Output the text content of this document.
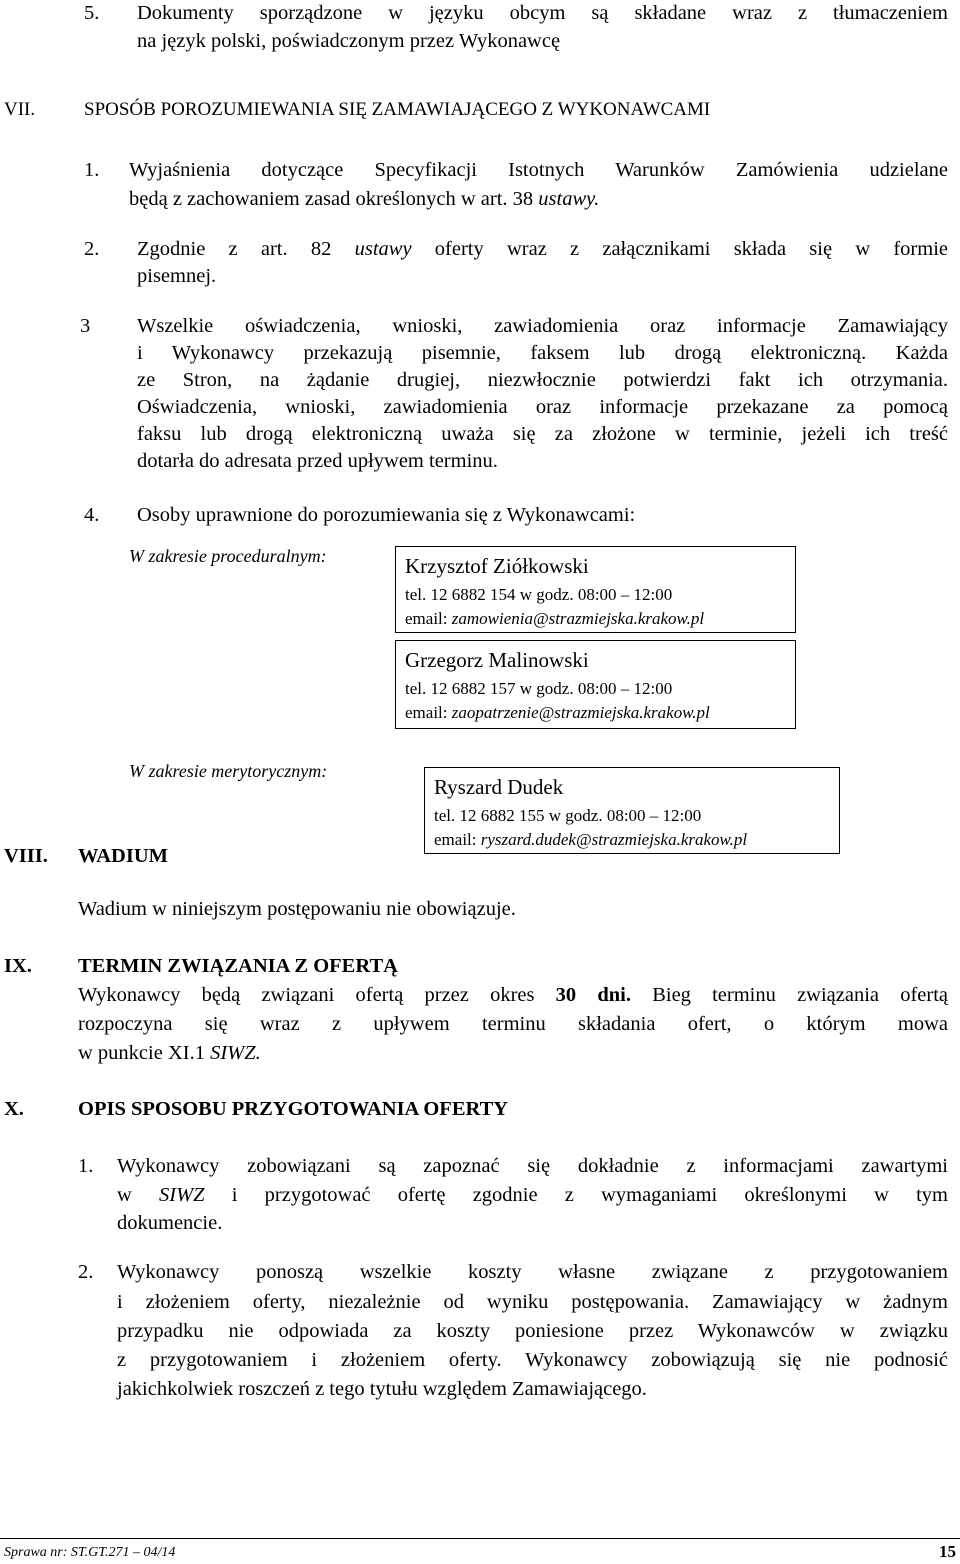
5. Dokumenty sporządzone w języku obcym są składane wraz z tłumaczeniem
na język polski, poświadczonym przez Wykonawcę
VII.	SPOSÓB POROZUMIEWANIA SIĘ ZAMAWIAJĄCEGO Z WYKONAWCAMI
1. Wyjaśnienia dotyczące Specyfikacji Istotnych Warunków Zamówienia udzielane
będą z zachowaniem zasad określonych w art. 38 ustawy.
2. Zgodnie z art. 82 ustawy oferty wraz z załącznikami składa się w formie
pisemnej.
3 Wszelkie oświadczenia, wnioski, zawiadomienia oraz informacje Zamawiający
i Wykonawcy przekazują pisemnie, faksem lub drogą elektroniczną. Każda
ze Stron, na żądanie drugiej, niezwłocznie potwierdzi fakt ich otrzymania.
Oświadczenia, wnioski, zawiadomienia oraz informacje przekazane za pomocą
faksu lub drogą elektroniczną uważa się za złożone w terminie, jeżeli ich treść
dotarła do adresata przed upływem terminu.
4. Osoby uprawnione do porozumiewania się z Wykonawcami:
W zakresie proceduralnym:
W zakresie merytorycznym:
Krzysztof Ziółkowski
tel. 12 6882 154 w godz. 08:00 – 12:00
email: zamowienia@strazmiejska.krakow.pl
Grzegorz Malinowski
tel. 12 6882 157 w godz. 08:00 – 12:00
email: zaopatrzenie@strazmiejska.krakow.pl
Ryszard Dudek
tel. 12 6882 155 w godz. 08:00 – 12:00
email: ryszard.dudek@strazmiejska.krakow.pl
VIII. WADIUM
Wadium w niniejszym postępowaniu nie obowiązuje.
IX. TERMIN ZWIĄZANIA Z OFERTĄ
Wykonawcy będą związani ofertą przez okres 30 dni. Bieg terminu związania ofertą
rozpoczyna się wraz z upływem terminu składania ofert, o którym mowa
w punkcie XI.1 SIWZ.
X.	OPIS SPOSOBU PRZYGOTOWANIA OFERTY
1. Wykonawcy zobowiązani są zapoznać się dokładnie z informacjami zawartymi
w SIWZ i przygotować ofertę zgodnie z wymaganiami określonymi w tym
dokumencie.
2. Wykonawcy ponoszą wszelkie koszty własne związane z przygotowaniem
i złożeniem oferty, niezależnie od wyniku postępowania. Zamawiający w żadnym
przypadku nie odpowiada za koszty poniesione przez Wykonawców w związku
z przygotowaniem i złożeniem oferty. Wykonawcy zobowiązują się nie podnosić
jakichkolwiek roszczeń z tego tytułu względem Zamawiającego.
Sprawa nr: ST.GT.271 – 04/14	15
